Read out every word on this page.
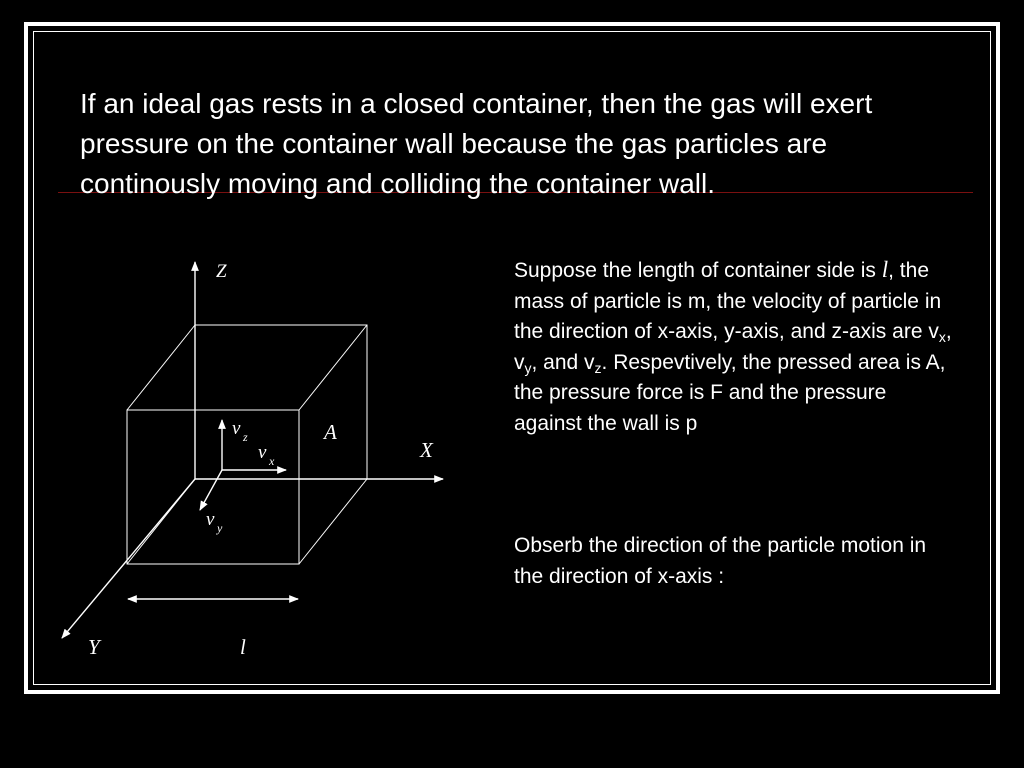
If an ideal gas rests in a closed container, then the gas will exert pressure on the container wall because the gas particles are continously moving and colliding the container wall.

Suppose the length of container side is l, the mass of particle is m, the velocity of particle in the direction of x-axis, y-axis, and z-axis are $v_x$, $v_y$, and $v_z$. Respevtively, the pressed area is A, the pressure force is F and the pressure against the wall is p

Obserb the direction of the particle motion in the direction of x-axis :

Z
X
Y
A
l
v z
v x
v y
